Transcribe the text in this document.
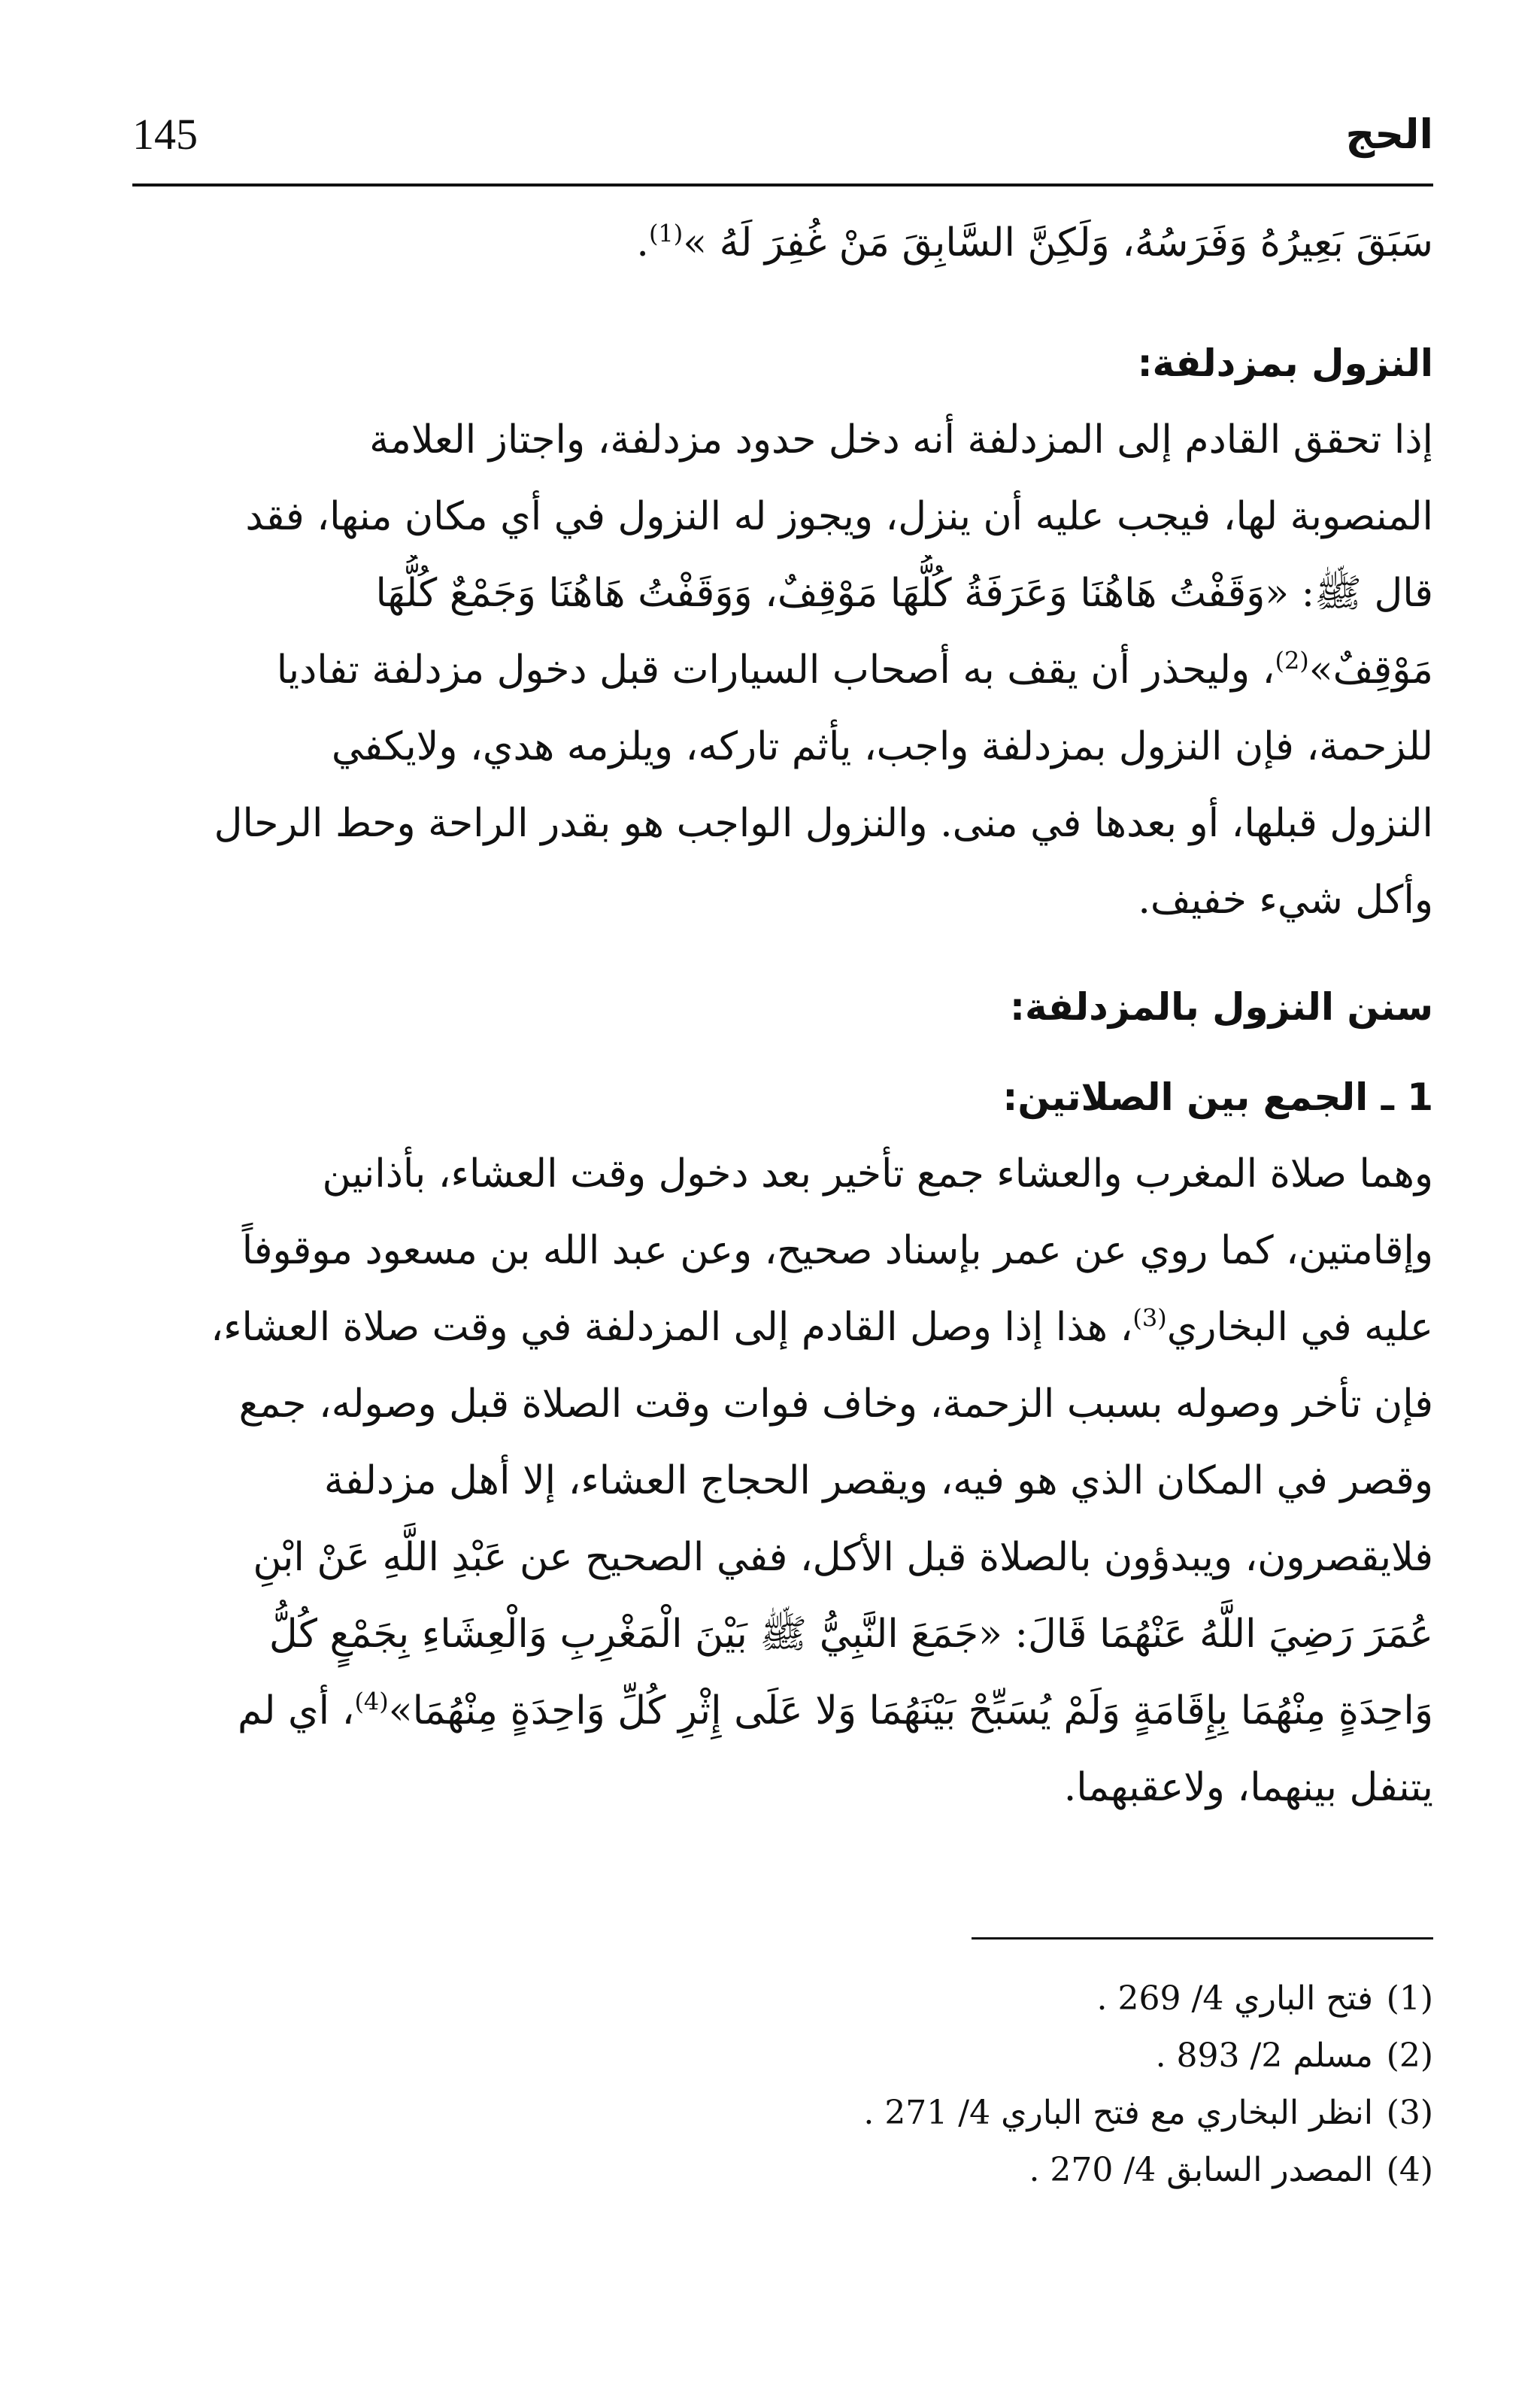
145	الحج
سَبَقَ بَعِيرُهُ وَفَرَسُهُ، وَلَكِنَّ السَّابِقَ مَنْ غُفِرَ لَهُ »$^{(1)}$.
النزول بمزدلفة:
إذا تحقق القادم إلى المزدلفة أنه دخل حدود مزدلفة، واجتاز العلامة
المنصوبة لها، فيجب عليه أن ينزل، ويجوز له النزول في أي مكان منها، فقد
قال ﷺ: «وَقَفْتُ هَاهُنَا وَعَرَفَةُ كُلُّهَا مَوْقِفٌ، وَوَقَفْتُ هَاهُنَا وَجَمْعٌ كُلُّهَا
مَوْقِفٌ»$^{(2)}$، وليحذر أن يقف به أصحاب السيارات قبل دخول مزدلفة تفاديا
للزحمة، فإن النزول بمزدلفة واجب، يأثم تاركه، ويلزمه هدي، ولايكفي
النزول قبلها، أو بعدها في منى. والنزول الواجب هو بقدر الراحة وحط الرحال
وأكل شيء خفيف.
سنن النزول بالمزدلفة:
1 ـ الجمع بين الصلاتين:
وهما صلاة المغرب والعشاء جمع تأخير بعد دخول وقت العشاء، بأذانين
وإقامتين، كما روي عن عمر بإسناد صحيح، وعن عبد الله بن مسعود موقوفاً
عليه في البخاري$^{(3)}$، هذا إذا وصل القادم إلى المزدلفة في وقت صلاة العشاء،
فإن تأخر وصوله بسبب الزحمة، وخاف فوات وقت الصلاة قبل وصوله، جمع
وقصر في المكان الذي هو فيه، ويقصر الحجاج العشاء، إلا أهل مزدلفة
فلايقصرون، ويبدؤون بالصلاة قبل الأكل، ففي الصحيح عن عَبْدِ اللَّهِ عَنْ ابْنِ
عُمَرَ رَضِيَ اللَّهُ عَنْهُمَا قَالَ: «جَمَعَ النَّبِيُّ ﷺ بَيْنَ الْمَغْرِبِ وَالْعِشَاءِ بِجَمْعٍ كُلُّ
وَاحِدَةٍ مِنْهُمَا بِإِقَامَةٍ وَلَمْ يُسَبِّحْ بَيْنَهُمَا وَلا عَلَى إِثْرِ كُلِّ وَاحِدَةٍ مِنْهُمَا»$^{(4)}$، أي لم
يتنفل بينهما، ولاعقبهما.
(1)فتح الباري 4/ 269 .
(2)مسلم 2/ 893 .
(3)انظر البخاري مع فتح الباري 4/ 271 .
(4)المصدر السابق 4/ 270 .
